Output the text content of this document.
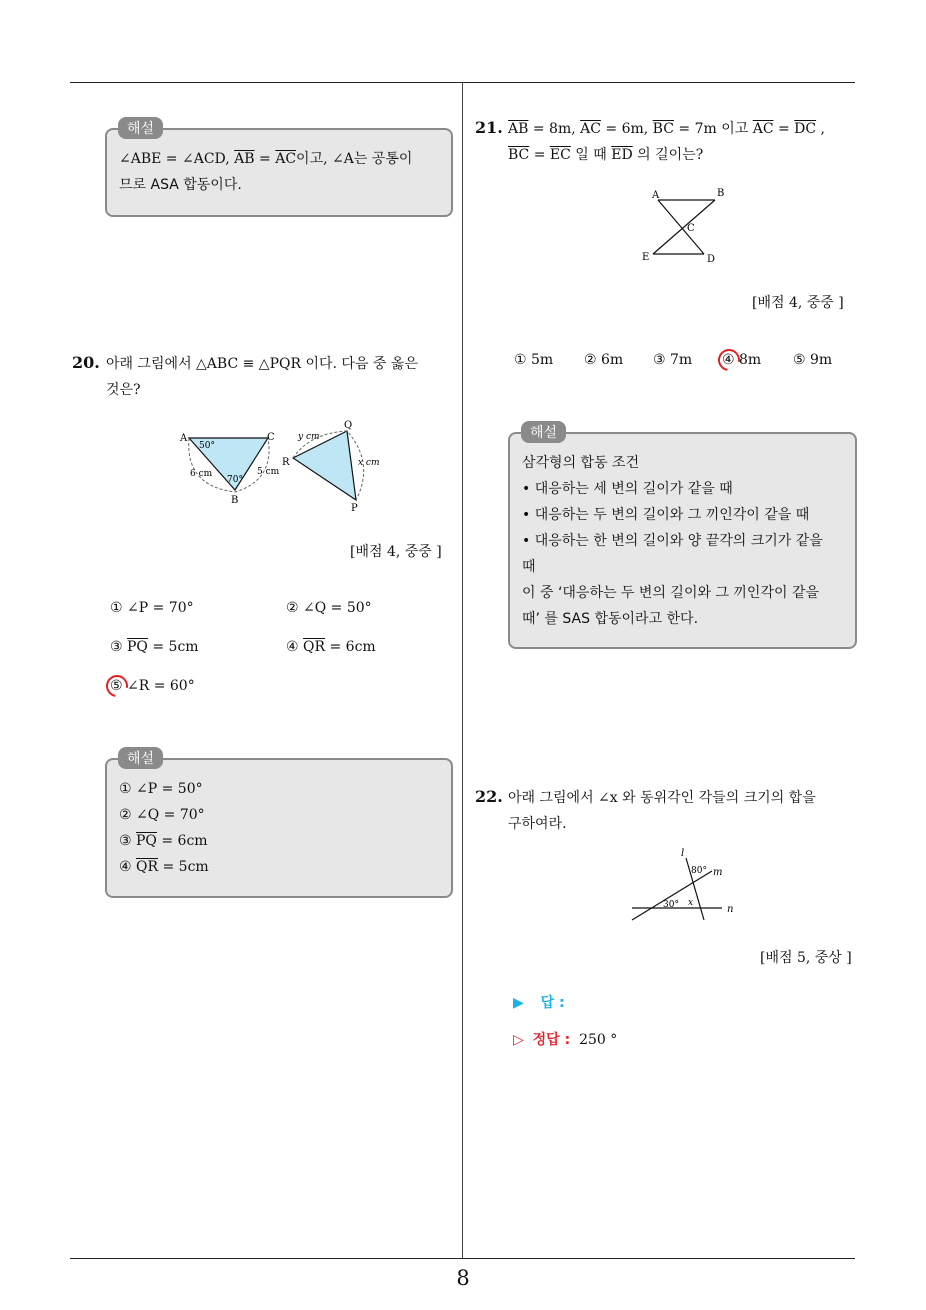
8
∠ABE = ∠ACD, $\overline{AB} = \overline{AC}$이고, ∠A는 공통이
므로 ASA 합동이다.
해설
20. 아래 그림에서 △ABC ≡ △PQR 이다. 다음 중 옳은
것은?
A	C
B
50°
70°
6 cm	5 cm
P
Q
R
y cm
x cm
[배점 4, 중중 ]
① ∠P = 70°	② ∠Q = 50°
③ $\overline{PQ} = 5cm$	④ $\overline{QR} = 6cm$
⑤ ∠R = 60°
① ∠P = 50°
② ∠Q = 70°
③ $\overline{PQ} = 6cm$
④ $\overline{QR} = 5cm$
해설
21. $\overline{AB} = 8m$, $\overline{AC} = 6m$, $\overline{BC} = 7m$ 이고 $\overline{AC} = \overline{DC}$ ,
$\overline{BC} = \overline{EC}$ 일 때 $\overline{ED}$ 의 길이는?
A	B
C
E	D
[배점 4, 중중 ]
① 5m ② 6m ③ 7m ④ 8m ⑤ 9m
삼각형의 합동 조건
• 대응하는 세 변의 길이가 같을 때
• 대응하는 두 변의 길이와 그 끼인각이 같을 때
• 대응하는 한 변의 길이와 양 끝각의 크기가 같을
때
이 중 ‘대응하는 두 변의 길이와 그 끼인각이 같을
때’ 를 SAS 합동이라고 한다.
해설
22. 아래 그림에서 ∠x 와 동위각인 각들의 크기의 합을
구하여라.
l
m
n
80°
30° x
[배점 5, 중상 ]
▶ 답 :
▷ 정답 : 250 °
